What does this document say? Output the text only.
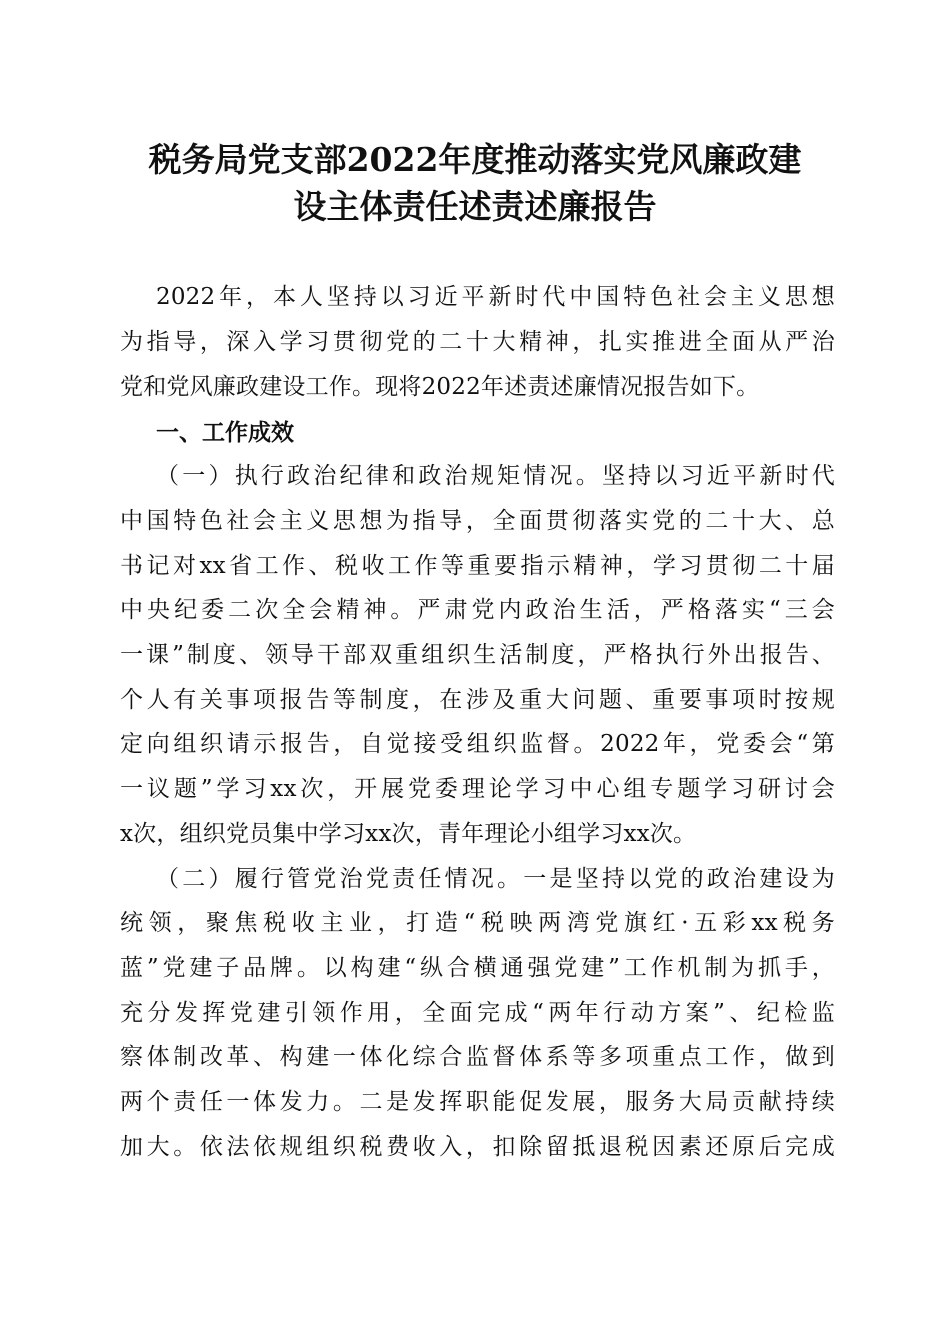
税务局党支部2022年度推动落实党风廉政建
设主体责任述责述廉报告
2022年，本人坚持以习近平新时代中国特色社会主义思想
为指导，深入学习贯彻党的二十大精神，扎实推进全面从严治
党和党风廉政建设工作。现将2022年述责述廉情况报告如下。
一、工作成效
（一）执行政治纪律和政治规矩情况。坚持以习近平新时代
中国特色社会主义思想为指导，全面贯彻落实党的二十大、总
书记对xx省工作、税收工作等重要指示精神，学习贯彻二十届
中央纪委二次全会精神。严肃党内政治生活，严格落实“三会
一课”制度、领导干部双重组织生活制度，严格执行外出报告、
个人有关事项报告等制度，在涉及重大问题、重要事项时按规
定向组织请示报告，自觉接受组织监督。2022年，党委会“第
一议题”学习xx次，开展党委理论学习中心组专题学习研讨会
x次，组织党员集中学习xx次，青年理论小组学习xx次。
（二）履行管党治党责任情况。一是坚持以党的政治建设为
统领，聚焦税收主业，打造“税映两湾党旗红·五彩xx税务
蓝”党建子品牌。以构建“纵合横通强党建”工作机制为抓手，
充分发挥党建引领作用，全面完成“两年行动方案”、纪检监
察体制改革、构建一体化综合监督体系等多项重点工作，做到
两个责任一体发力。二是发挥职能促发展，服务大局贡献持续
加大。依法依规组织税费收入，扣除留抵退税因素还原后完成
